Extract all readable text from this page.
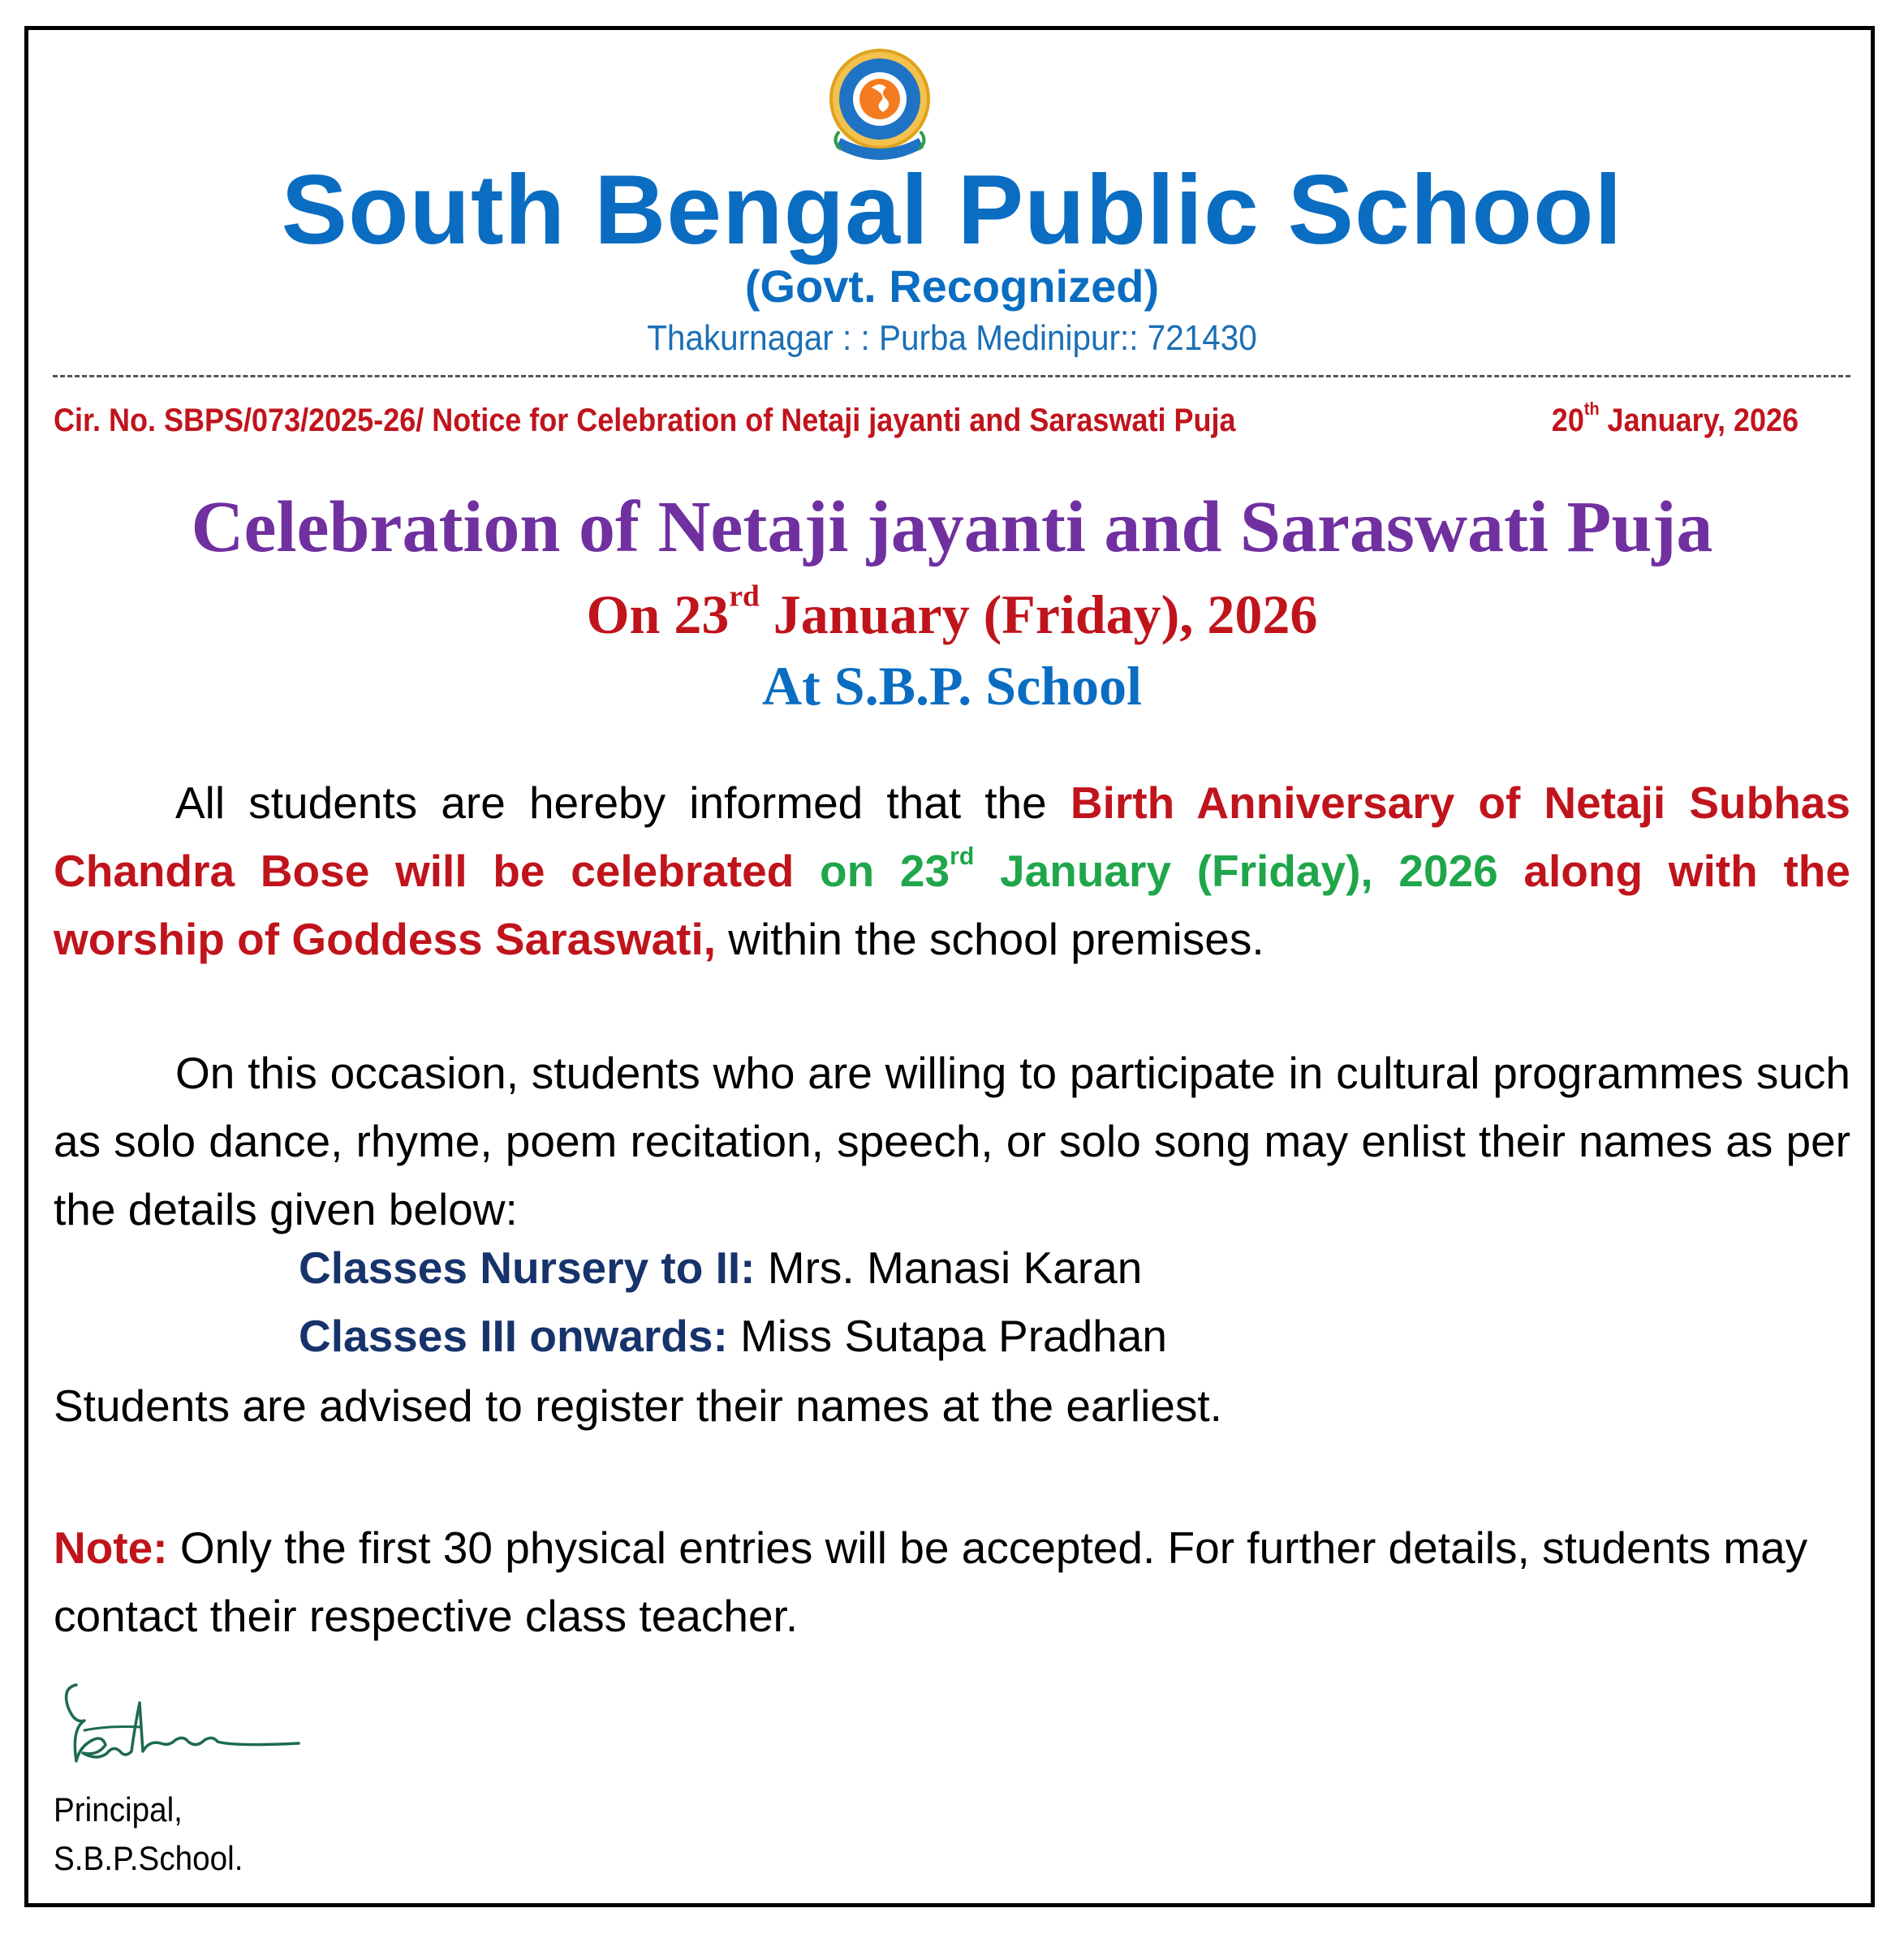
South Bengal Public School
(Govt. Recognized)
Thakurnagar : : Purba Medinipur:: 721430
Cir. No. SBPS/073/2025-26/ Notice for Celebration of Netaji jayanti and Saraswati Puja	20th January, 2026
Celebration of Netaji jayanti and Saraswati Puja
On 23rd January (Friday), 2026
At S.B.P. School
All students are hereby informed that the Birth Anniversary of Netaji Subhas Chandra Bose will be celebrated on 23rd January (Friday), 2026 along with the worship of Goddess Saraswati, within the school premises.
On this occasion, students who are willing to participate in cultural programmes such as solo dance, rhyme, poem recitation, speech, or solo song may enlist their names as per the details given below:
Classes Nursery to II: Mrs. Manasi Karan
Classes III onwards: Miss Sutapa Pradhan
Students are advised to register their names at the earliest.
Note: Only the first 30 physical entries will be accepted. For further details, students may contact their respective class teacher.
Principal,
S.B.P.School.
